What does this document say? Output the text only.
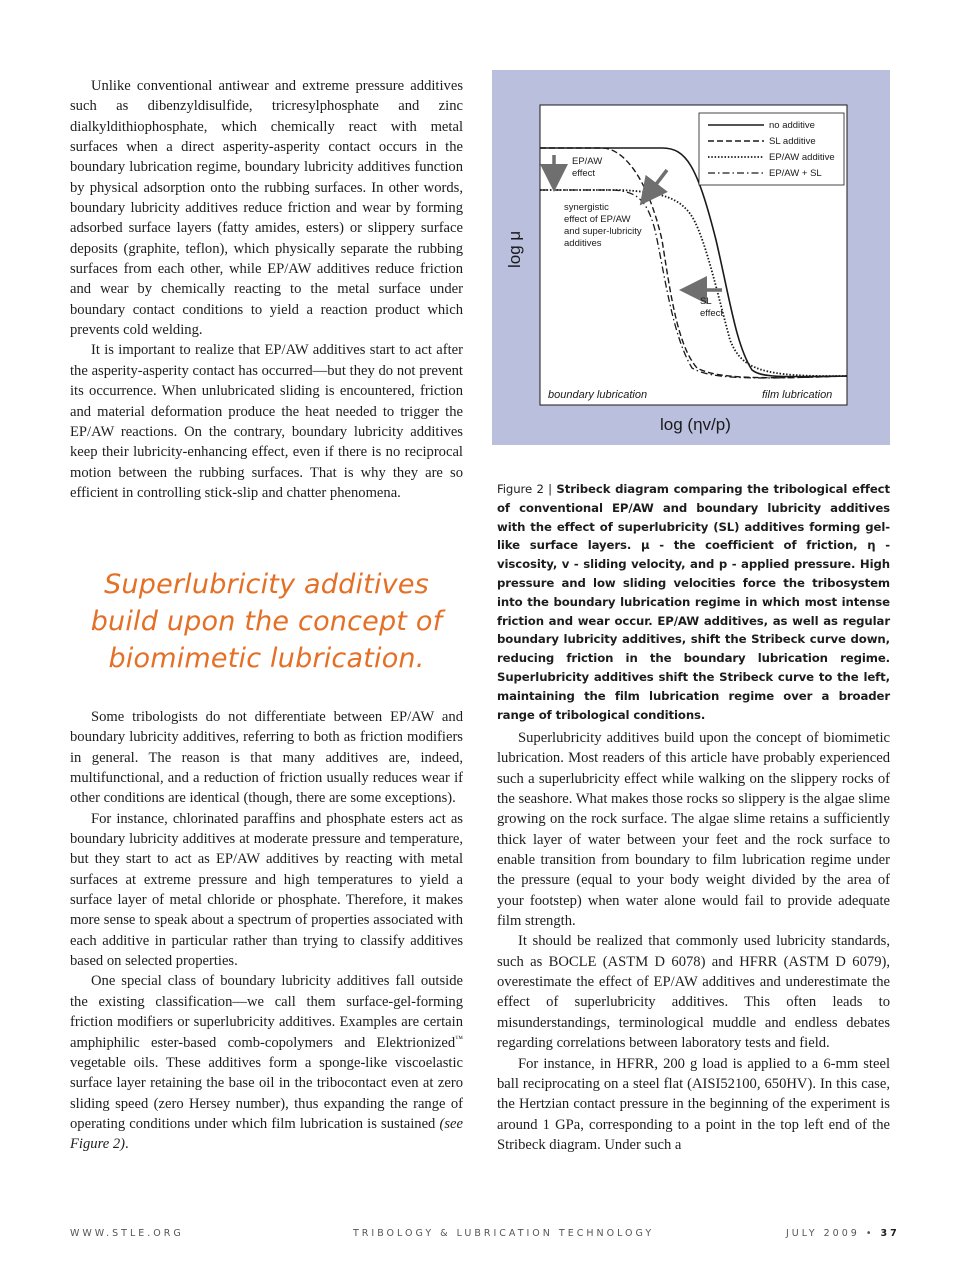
Unlike conventional antiwear and extreme pressure additives such as dibenzyldisulfide, tricresylphosphate and zinc dialkyldithiophosphate, which chemically react with metal surfaces when a direct asperity-asperity contact occurs in the boundary lubrication regime, boundary lubricity additives function by physical adsorption onto the rubbing surfaces. In other words, boundary lubricity additives reduce friction and wear by forming adsorbed surface layers (fatty amides, esters) or slippery surface deposits (graphite, teflon), which physically separate the rubbing surfaces from each other, while EP/AW additives reduce friction and wear by chemically reacting to the metal surface under boundary contact conditions to yield a reaction product which prevents cold welding.

It is important to realize that EP/AW additives start to act after the asperity-asperity contact has occurred—but they do not prevent its occurrence. When unlubricated sliding is encountered, friction and material deformation produce the heat needed to trigger the EP/AW reactions. On the contrary, boundary lubricity additives keep their lubricity-enhancing effect, even if there is no reciprocal motion between the rubbing surfaces. That is why they are so efficient in controlling stick-slip and chatter phenomena.

Superlubricity additives
build upon the concept of
biomimetic lubrication.

Some tribologists do not differentiate between EP/AW and boundary lubricity additives, referring to both as friction modifiers in general. The reason is that many additives are, indeed, multifunctional, and a reduction of friction usually reduces wear if other conditions are identical (though, there are some exceptions).

For instance, chlorinated paraffins and phosphate esters act as boundary lubricity additives at moderate pressure and temperature, but they start to act as EP/AW additives by reacting with metal surfaces at extreme pressure and high temperatures to yield a surface layer of metal chloride or phosphate. Therefore, it makes more sense to speak about a spectrum of properties associated with each additive in particular rather than trying to classify additives based on selected properties.

One special class of boundary lubricity additives fall outside the existing classification—we call them surface-gel-forming friction modifiers or superlubricity additives. Examples are certain amphiphilic ester-based comb-copolymers and Elektrionized™ vegetable oils. These additives form a sponge-like viscoelastic surface layer retaining the base oil in the tribocontact even at zero sliding speed (zero Hersey number), thus expanding the range of operating conditions under which film lubrication is sustained (see Figure 2).

no additive
SL additive
EP/AW additive
EP/AW + SL
EP/AW
effect
synergistic
effect of EP/AW
and super-lubricity
additives
SL
effect
boundary lubrication	film lubrication
log μ
log (ηv/p)
Figure 2 | Stribeck diagram comparing the tribological effect of conventional EP/AW and boundary lubricity additives with the effect of superlubricity (SL) additives forming gel-like surface layers. μ - the coefficient of friction, η - viscosity, v - sliding velocity, and p - applied pressure. High pressure and low sliding velocities force the tribosystem into the boundary lubrication regime in which most intense friction and wear occur. EP/AW additives, as well as regular boundary lubricity additives, shift the Stribeck curve down, reducing friction in the boundary lubrication regime. Superlubricity additives shift the Stribeck curve to the left, maintaining the film lubrication regime over a broader range of tribological conditions.

Superlubricity additives build upon the concept of biomimetic lubrication. Most readers of this article have probably experienced such a superlubricity effect while walking on the slippery rocks of the seashore. What makes those rocks so slippery is the algae slime growing on the rock surface. The algae slime retains a sufficiently thick layer of water between your feet and the rock surface to enable transition from boundary to film lubrication regime under the pressure (equal to your body weight divided by the area of your footstep) when water alone would fail to provide adequate film strength.

It should be realized that commonly used lubricity standards, such as BOCLE (ASTM D 6078) and HFRR (ASTM D 6079), overestimate the effect of EP/AW additives and underestimate the effect of superlubricity additives. This often leads to misunderstandings, terminological muddle and endless debates regarding correlations between laboratory tests and field.

For instance, in HFRR, 200 g load is applied to a 6-mm steel ball reciprocating on a steel flat (AISI52100, 650HV). In this case, the Hertzian contact pressure in the beginning of the experiment is around 1 GPa, corresponding to a point in the top left end of the Stribeck diagram. Under such a

WWW.STLE.ORG	TRIBOLOGY & LUBRICATION TECHNOLOGY	JULY 2009 • 37
